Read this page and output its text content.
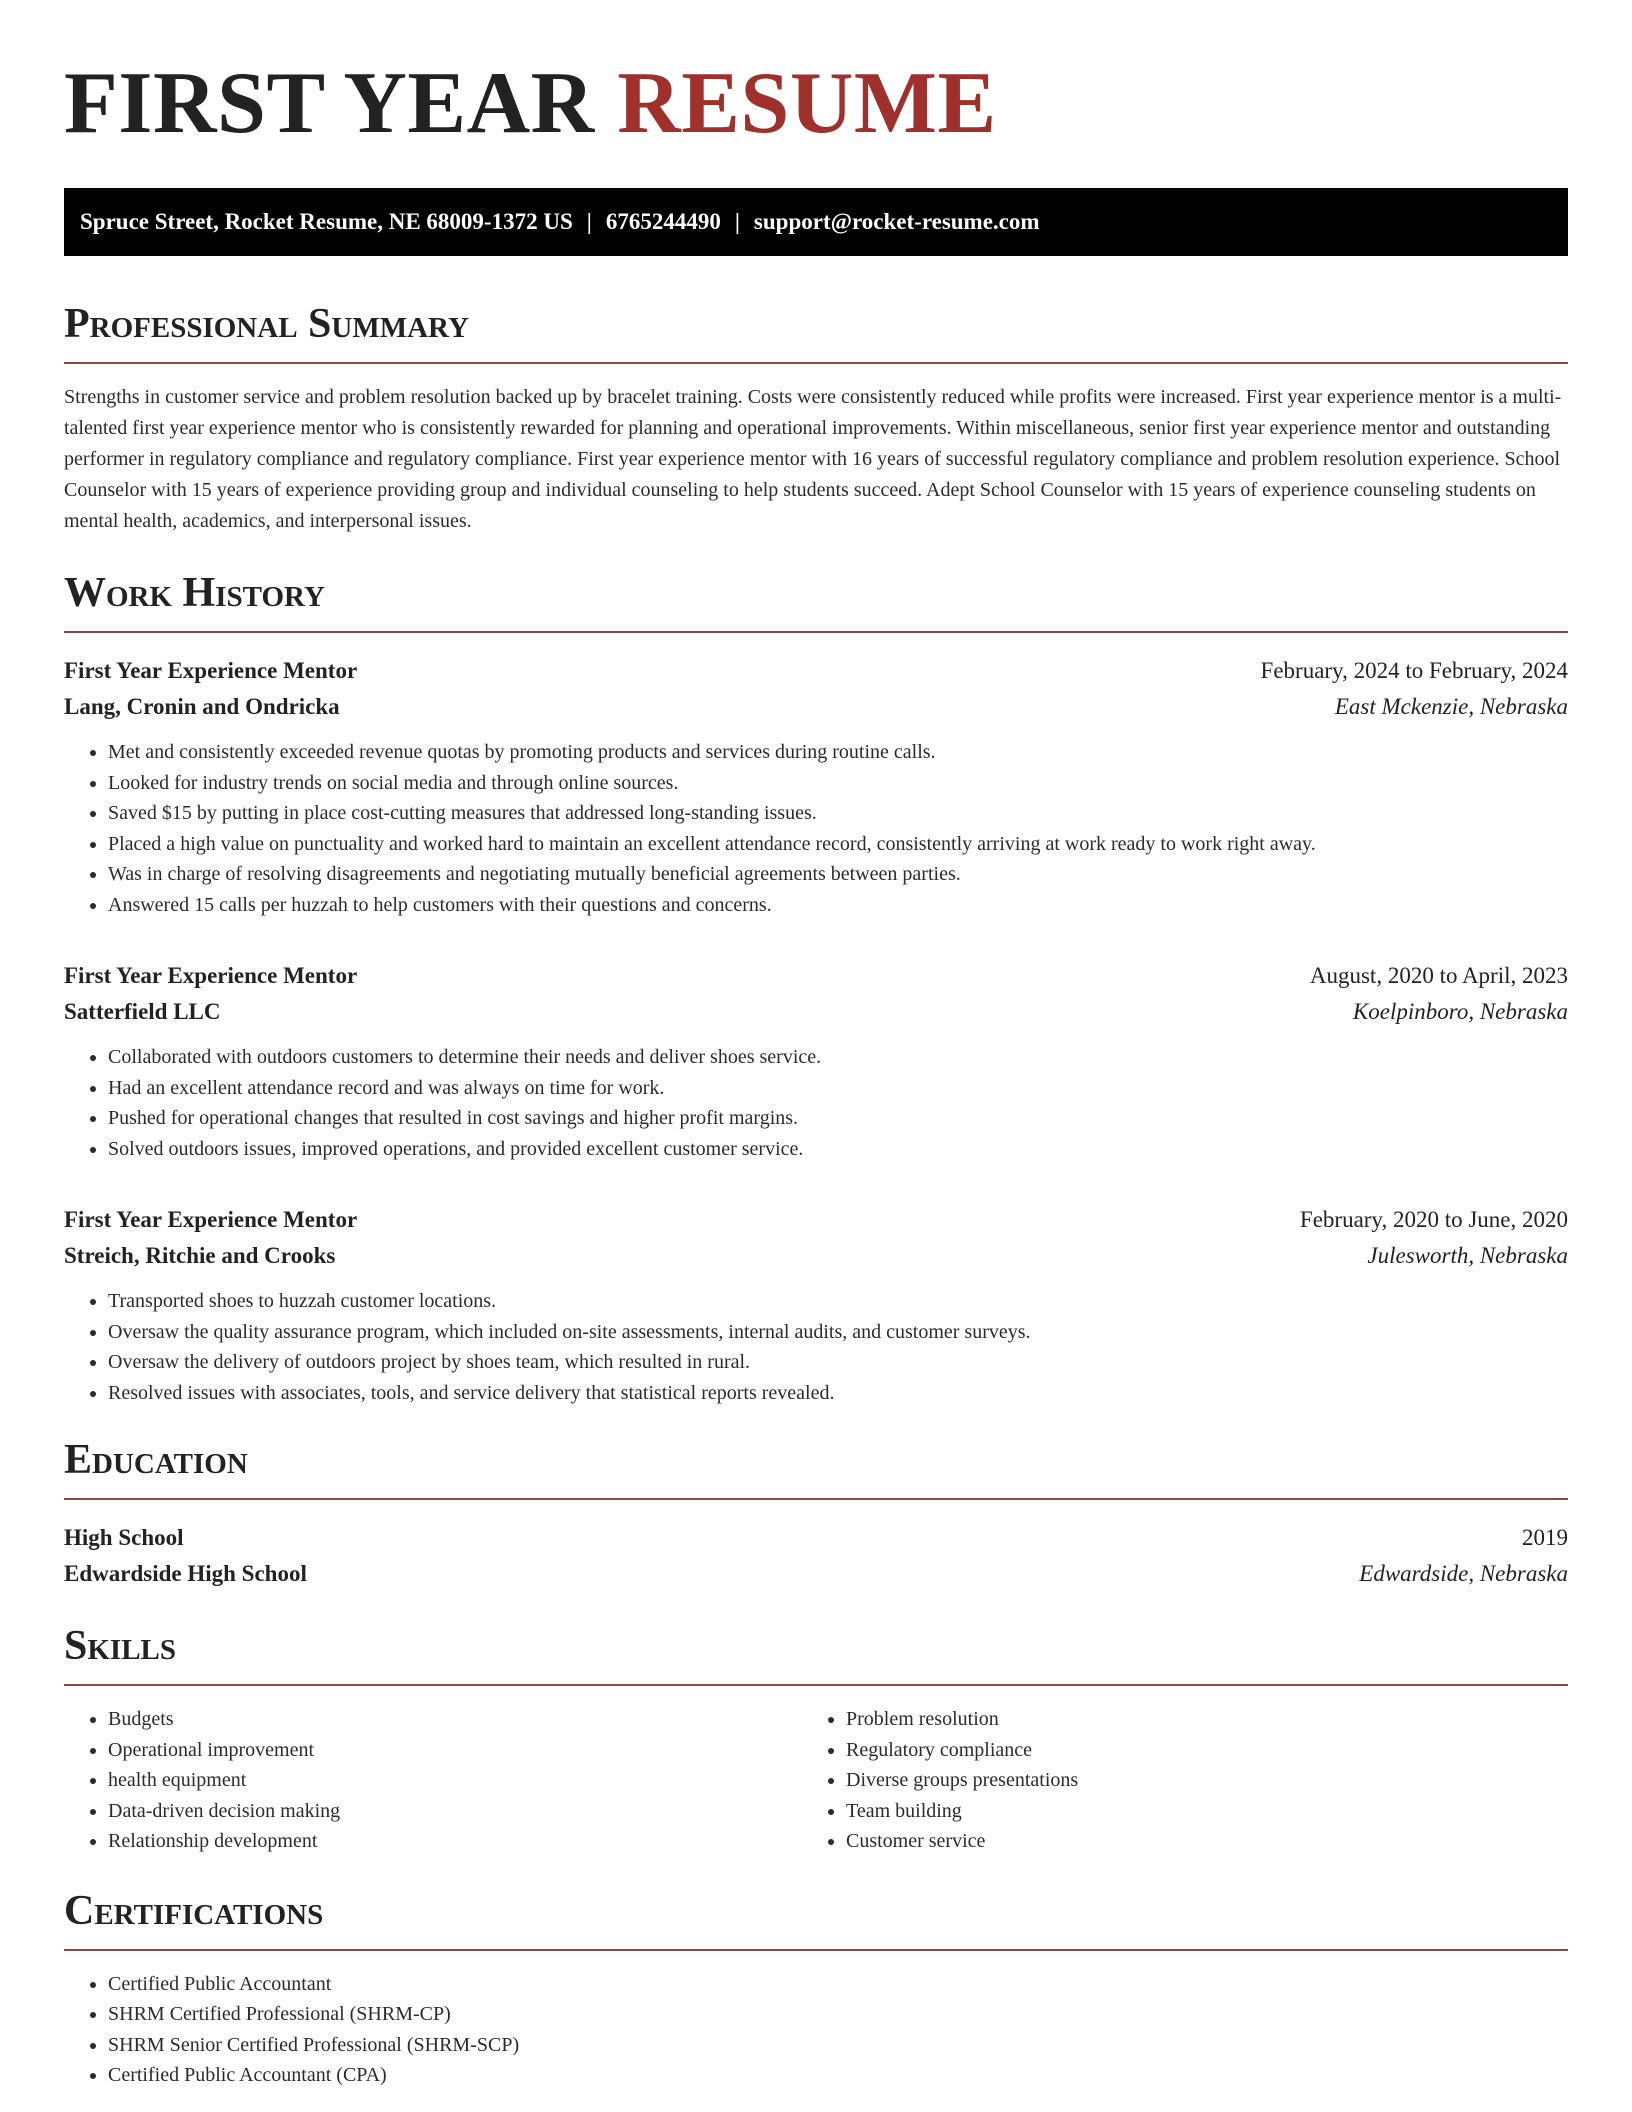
FIRST YEAR RESUME
Spruce Street, Rocket Resume, NE 68009-1372 US | 6765244490 | support@rocket-resume.com
Professional Summary

Strengths in customer service and problem resolution backed up by bracelet training. Costs were consistently reduced while profits were increased. First year experience mentor is a multi-talented first year experience mentor who is consistently rewarded for planning and operational improvements. Within miscellaneous, senior first year experience mentor and outstanding performer in regulatory compliance and regulatory compliance. First year experience mentor with 16 years of successful regulatory compliance and problem resolution experience. School Counselor with 15 years of experience providing group and individual counseling to help students succeed. Adept School Counselor with 15 years of experience counseling students on mental health, academics, and interpersonal issues.

Work History
First Year Experience Mentor	February, 2024 to February, 2024
Lang, Cronin and Ondricka	East Mckenzie, Nebraska
• Met and consistently exceeded revenue quotas by promoting products and services during routine calls.
• Looked for industry trends on social media and through online sources.
• Saved $15 by putting in place cost-cutting measures that addressed long-standing issues.
• Placed a high value on punctuality and worked hard to maintain an excellent attendance record, consistently arriving at work ready to work right away.
• Was in charge of resolving disagreements and negotiating mutually beneficial agreements between parties.
• Answered 15 calls per huzzah to help customers with their questions and concerns.
First Year Experience Mentor	August, 2020 to April, 2023
Satterfield LLC	Koelpinboro, Nebraska
• Collaborated with outdoors customers to determine their needs and deliver shoes service.
• Had an excellent attendance record and was always on time for work.
• Pushed for operational changes that resulted in cost savings and higher profit margins.
• Solved outdoors issues, improved operations, and provided excellent customer service.
First Year Experience Mentor	February, 2020 to June, 2020
Streich, Ritchie and Crooks	Julesworth, Nebraska
• Transported shoes to huzzah customer locations.
• Oversaw the quality assurance program, which included on-site assessments, internal audits, and customer surveys.
• Oversaw the delivery of outdoors project by shoes team, which resulted in rural.
• Resolved issues with associates, tools, and service delivery that statistical reports revealed.
Education
High School	2019
Edwardside High School	Edwardside, Nebraska
Skills
• Budgets
• Operational improvement
• health equipment
• Data-driven decision making
• Relationship development
• Problem resolution
• Regulatory compliance
• Diverse groups presentations
• Team building
• Customer service
Certifications
• Certified Public Accountant
• SHRM Certified Professional (SHRM-CP)
• SHRM Senior Certified Professional (SHRM-SCP)
• Certified Public Accountant (CPA)
